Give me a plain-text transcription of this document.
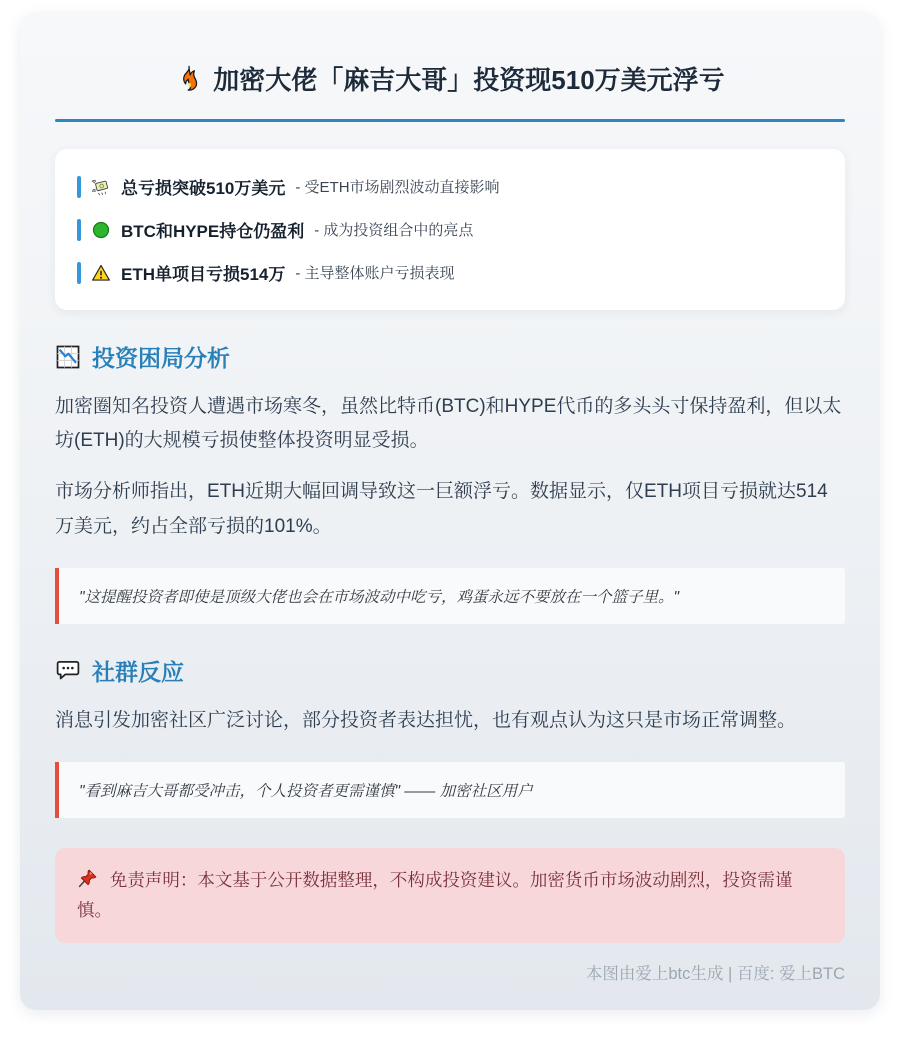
加密大佬「麻吉大哥」投资现510万美元浮亏
总亏损突破510万美元 - 受ETH市场剧烈波动直接影响
BTC和HYPE持仓仍盈利 - 成为投资组合中的亮点
ETH单项目亏损514万 - 主导整体账户亏损表现
投资困局分析

加密圈知名投资人遭遇市场寒冬，虽然比特币(BTC)和HYPE代币的多头头寸保持盈利，但以太坊(ETH)的大规模亏损使整体投资明显受损。

市场分析师指出，ETH近期大幅回调导致这一巨额浮亏。数据显示，仅ETH项目亏损就达514万美元，约占全部亏损的101%。

"这提醒投资者即使是顶级大佬也会在市场波动中吃亏，鸡蛋永远不要放在一个篮子里。"
社群反应

消息引发加密社区广泛讨论，部分投资者表达担忧，也有观点认为这只是市场正常调整。

"看到麻吉大哥都受冲击，个人投资者更需谨慎" —— 加密社区用户
免责声明：本文基于公开数据整理，不构成投资建议。加密货币市场波动剧烈，投资需谨慎。
本图由爱上btc生成 | 百度: 爱上BTC
